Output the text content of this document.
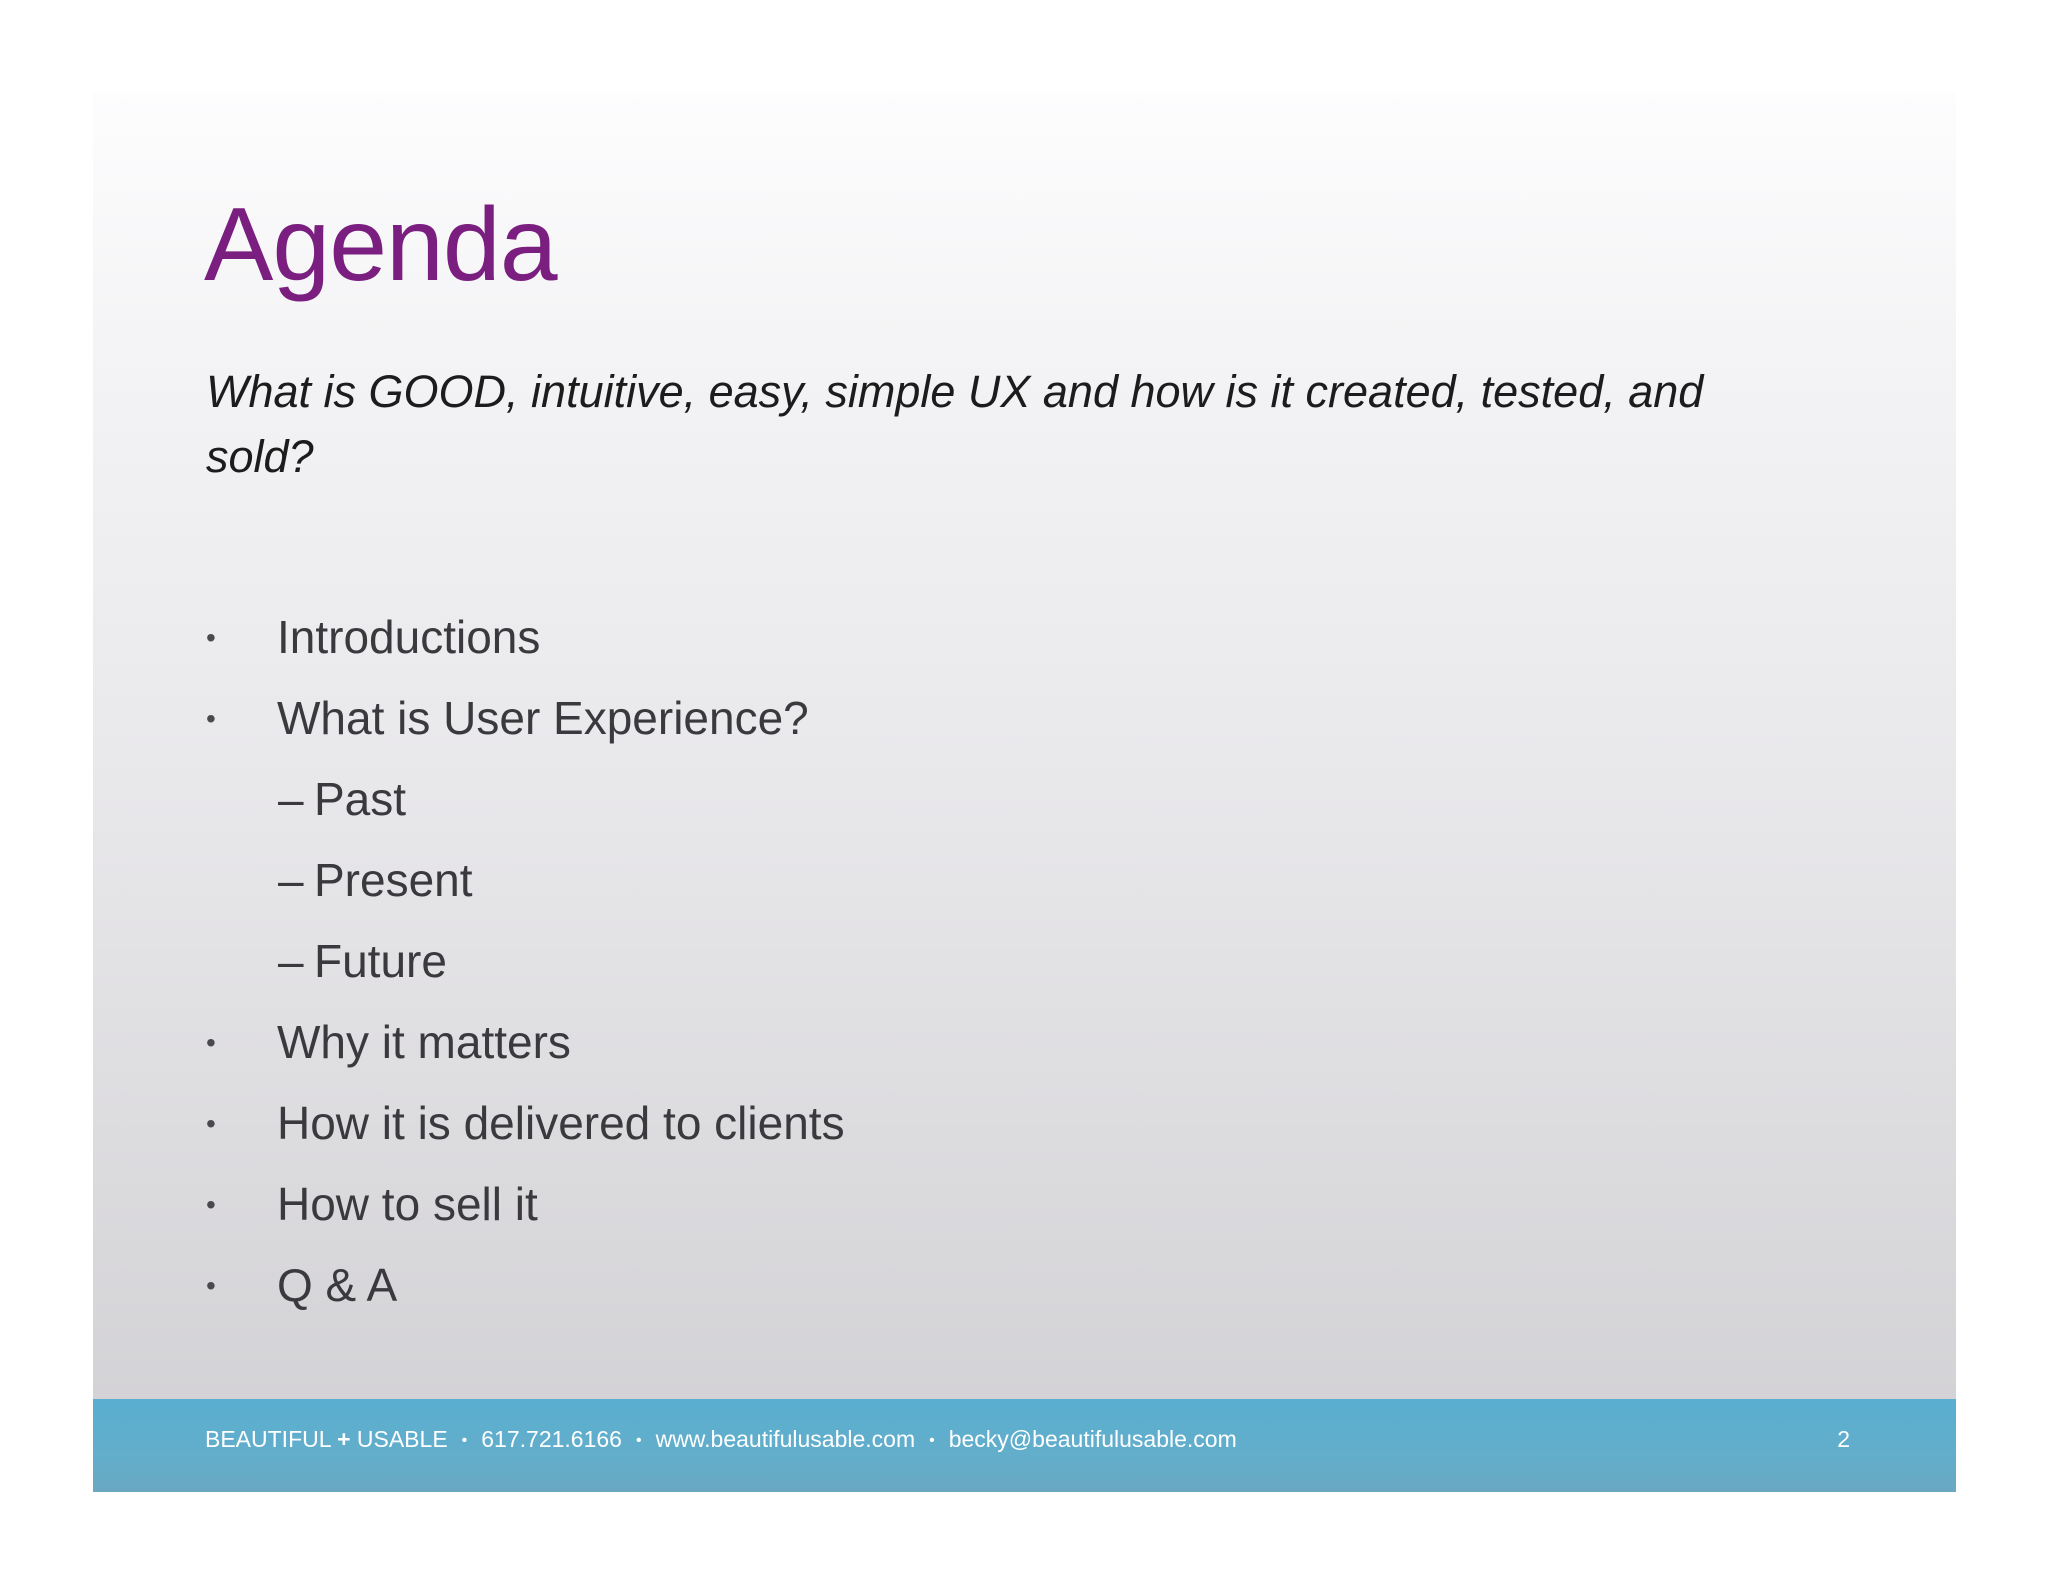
Agenda

What is GOOD, intuitive, easy, simple UX and how is it created, tested, and sold?

• Introductions
• What is User Experience?
– Past
– Present
– Future
• Why it matters
• How it is delivered to clients
• How to sell it
• Q & A
BEAUTIFUL + USABLE • 617.721.6166 • www.beautifulusable.com • becky@beautifulusable.com	2
